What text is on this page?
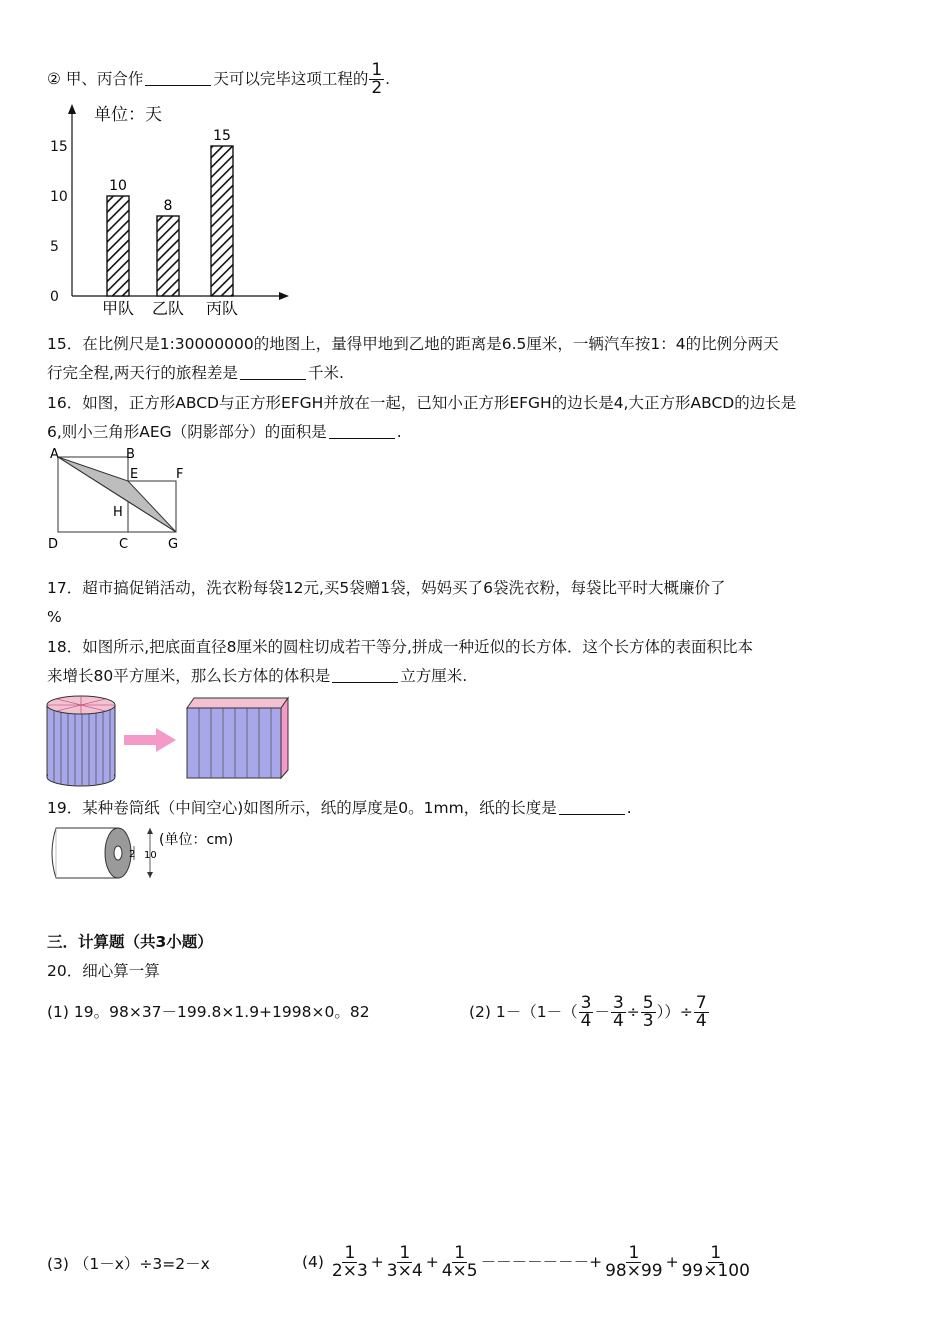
② 甲、丙合作	天可以完毕这项工程的 $\frac{1}{2}$ .
单位：天
0
5
10
15
10
甲队
8
乙队
15
丙队
15．在比例尺是1:30000000的地图上，量得甲地到乙地的距离是6.5厘米，一辆汽车按1：4的比例分两天
行完全程,两天行的旅程差是	千米.
16．如图，正方形ABCD与正方形EFGH并放在一起，已知小正方形EFGH的边长是4,大正方形ABCD的边长是
6,则小三角形AEG（阴影部分）的面积是	.
A	B
E	F
H
D	C	G
17．超市搞促销活动，洗衣粉每袋12元,买5袋赠1袋，妈妈买了6袋洗衣粉，每袋比平时大概廉价了
%
18．如图所示,把底面直径8厘米的圆柱切成若干等分,拼成一种近似的长方体．这个长方体的表面积比本
来增长80平方厘米，那么长方体的体积是	立方厘米.
19．某种卷筒纸（中间空心)如图所示，纸的厚度是0。1mm，纸的长度是	.
2 10
(单位：cm)
三．计算题（共3小题）
20．细心算一算
(1) 19。98×37－199.8×1.9+1998×0。82	(2) $1-(1-( \frac{3}{4} - \frac{3}{4} \div \frac{5}{3}$ ））÷ $\frac{7}{4}$
(3) （1－x）÷3=2－x	$(4) \frac{1}{2\times 3} + \frac{1}{3\times 4} + \frac{1}{4\times 5}$ －－－－－－－+ $\frac{1}{98\times 99} + \frac{1}{99\times 100}$
